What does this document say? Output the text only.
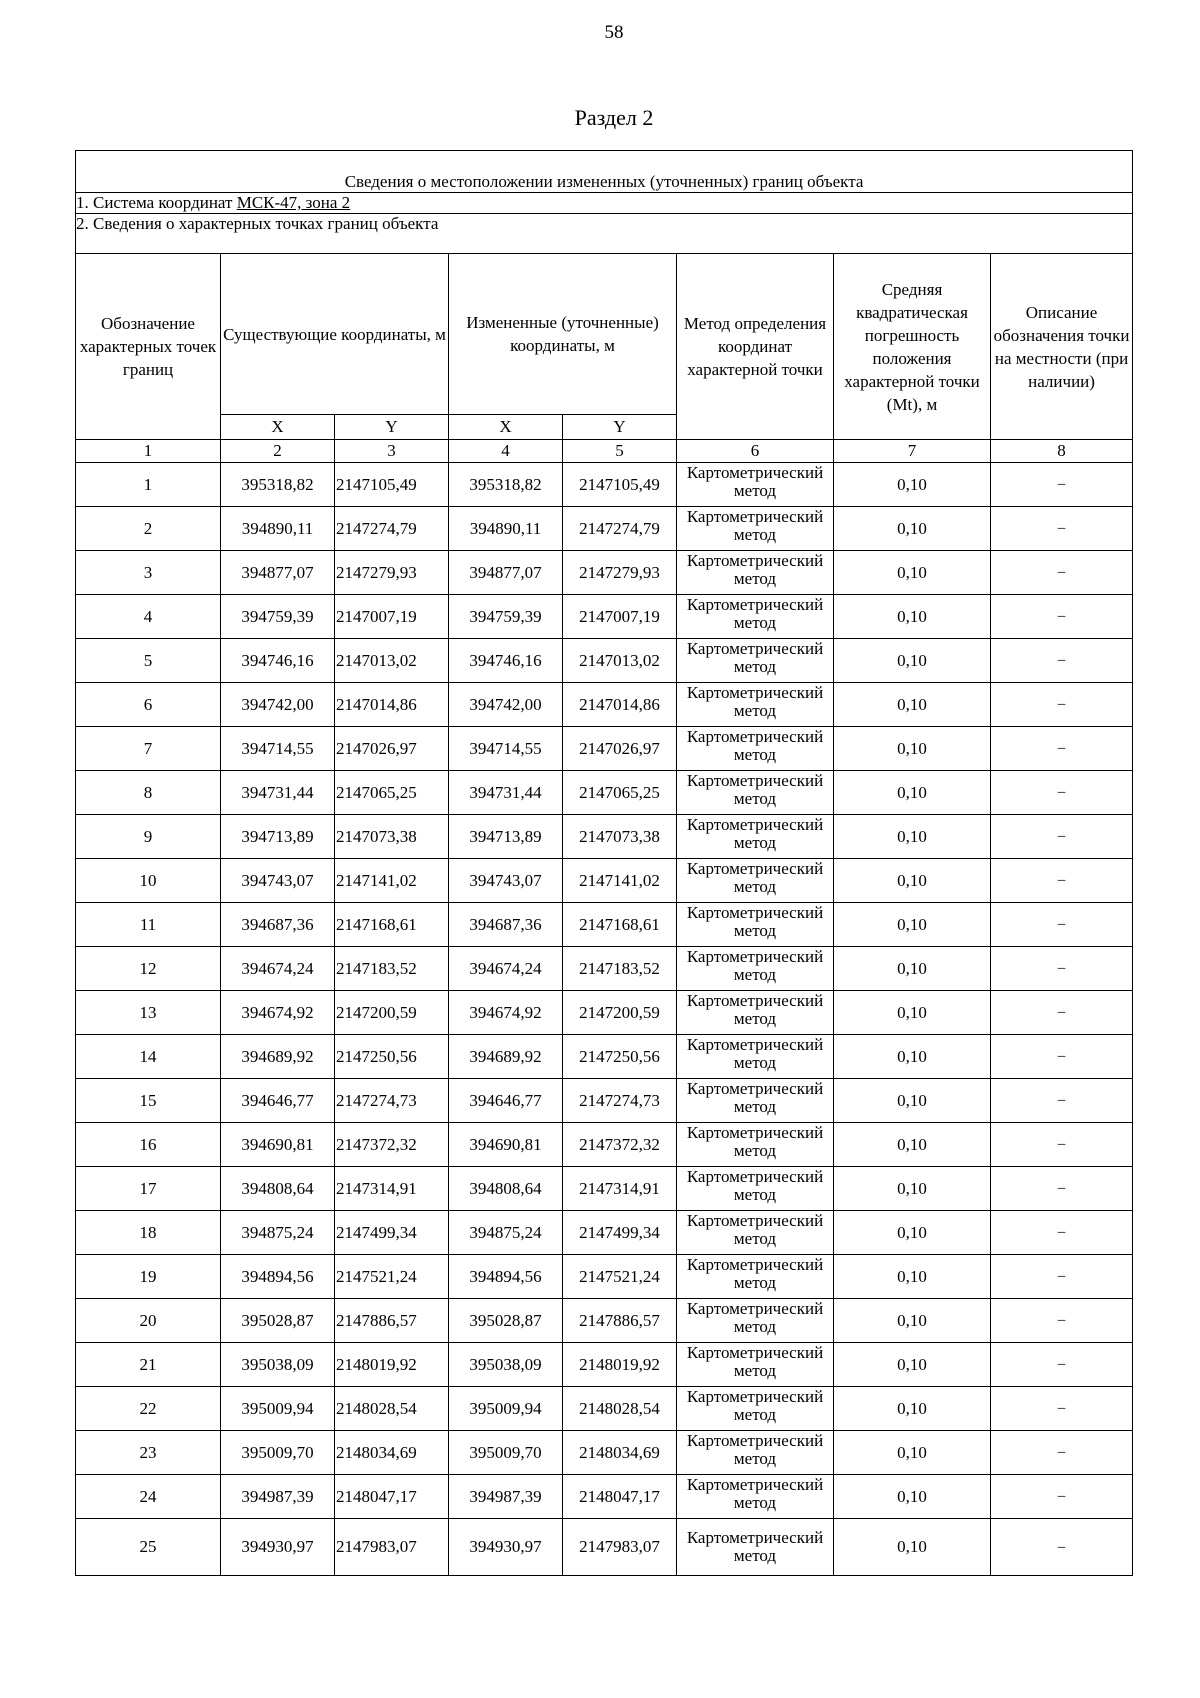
58
Раздел 2
Сведения о местоположении измененных (уточненных) границ объекта							
1. Система координат МСК-47, зона 2							
2. Сведения о характерных точках границ объекта							
Обозначение характерных точек границ	Существующие координаты, м		Измененные (уточненные) координаты, м		Метод определения координат характерной точки	Средняя квадратическая погрешность положения характерной точки (Мt), м	Описание обозначения точки на местности (при наличии)
	X	Y	X	Y			
1	2	3	4	5	6	7	8
1	395318,82	2147105,49	395318,82	2147105,49	Картометрический метод	0,10	–
2	394890,11	2147274,79	394890,11	2147274,79	Картометрический метод	0,10	–
3	394877,07	2147279,93	394877,07	2147279,93	Картометрический метод	0,10	–
4	394759,39	2147007,19	394759,39	2147007,19	Картометрический метод	0,10	–
5	394746,16	2147013,02	394746,16	2147013,02	Картометрический метод	0,10	–
6	394742,00	2147014,86	394742,00	2147014,86	Картометрический метод	0,10	–
7	394714,55	2147026,97	394714,55	2147026,97	Картометрический метод	0,10	–
8	394731,44	2147065,25	394731,44	2147065,25	Картометрический метод	0,10	–
9	394713,89	2147073,38	394713,89	2147073,38	Картометрический метод	0,10	–
10	394743,07	2147141,02	394743,07	2147141,02	Картометрический метод	0,10	–
11	394687,36	2147168,61	394687,36	2147168,61	Картометрический метод	0,10	–
12	394674,24	2147183,52	394674,24	2147183,52	Картометрический метод	0,10	–
13	394674,92	2147200,59	394674,92	2147200,59	Картометрический метод	0,10	–
14	394689,92	2147250,56	394689,92	2147250,56	Картометрический метод	0,10	–
15	394646,77	2147274,73	394646,77	2147274,73	Картометрический метод	0,10	–
16	394690,81	2147372,32	394690,81	2147372,32	Картометрический метод	0,10	–
17	394808,64	2147314,91	394808,64	2147314,91	Картометрический метод	0,10	–
18	394875,24	2147499,34	394875,24	2147499,34	Картометрический метод	0,10	–
19	394894,56	2147521,24	394894,56	2147521,24	Картометрический метод	0,10	–
20	395028,87	2147886,57	395028,87	2147886,57	Картометрический метод	0,10	–
21	395038,09	2148019,92	395038,09	2148019,92	Картометрический метод	0,10	–
22	395009,94	2148028,54	395009,94	2148028,54	Картометрический метод	0,10	–
23	395009,70	2148034,69	395009,70	2148034,69	Картометрический метод	0,10	–
24	394987,39	2148047,17	394987,39	2148047,17	Картометрический метод	0,10	–
25	394930,97	2147983,07	394930,97	2147983,07	Картометрический метод	0,10	–
